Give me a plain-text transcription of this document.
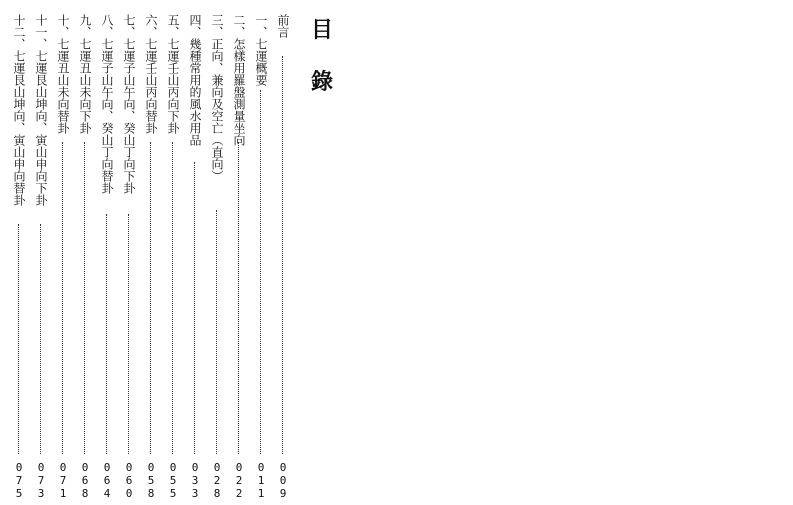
目
錄
前言
0
0
9
一、七運概要
0
1
1
二、怎樣用羅盤測量坐向
0
2
2
三、正向、兼向及空亡（直向）
0
2
8
四、幾種常用的風水用品
0
3
3
五、七運壬山丙向下卦
0
5
5
六、七運壬山丙向替卦
0
5
8
七、七運子山午向、癸山丁向下卦
0
6
0
八、七運子山午向、癸山丁向替卦
0
6
4
九、七運丑山未向下卦
0
6
8
十、七運丑山未向替卦
0
7
1
十一、七運艮山坤向、寅山申向下卦
0
7
3
十二、七運艮山坤向、寅山申向替卦
0
7
5
